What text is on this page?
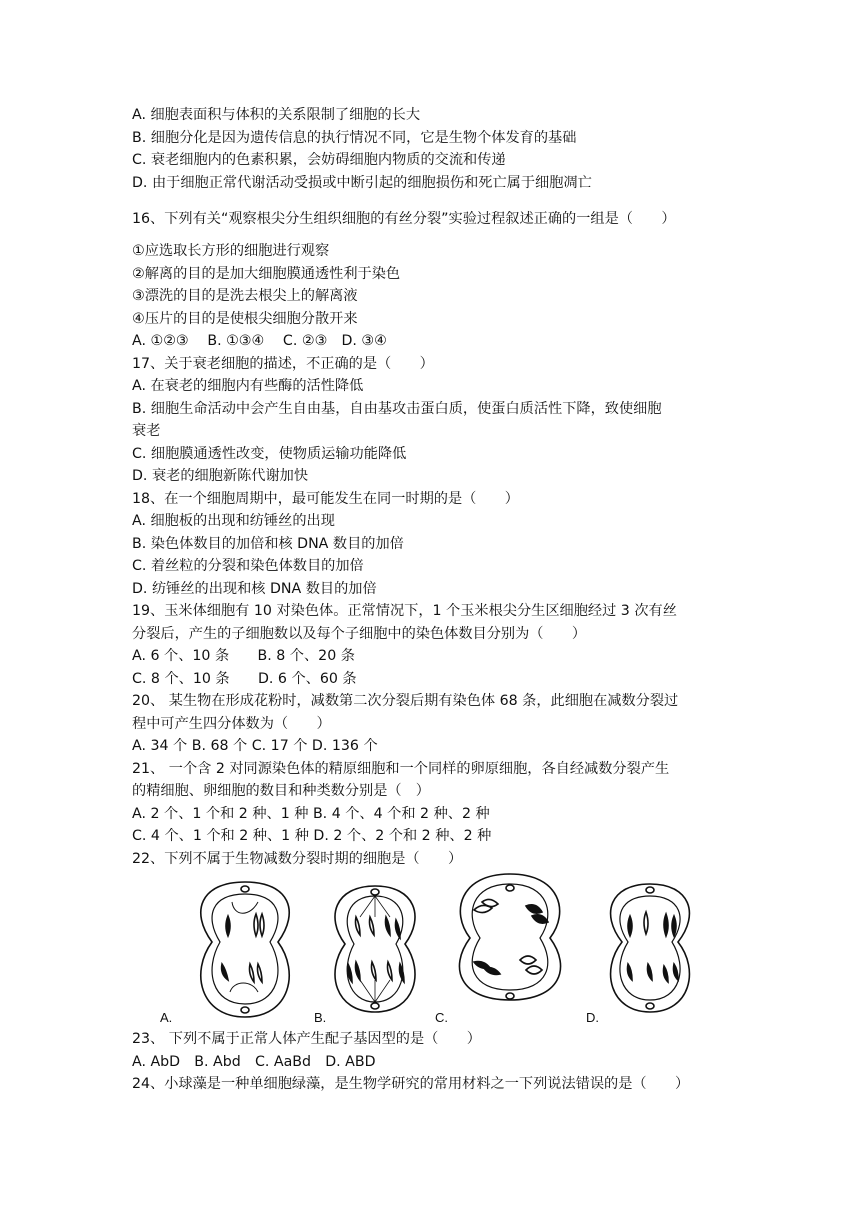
A. 细胞表面积与体积的关系限制了细胞的长大
B. 细胞分化是因为遗传信息的执行情况不同，它是生物个体发育的基础
C. 衰老细胞内的色素积累，会妨碍细胞内物质的交流和传递
D. 由于细胞正常代谢活动受损或中断引起的细胞损伤和死亡属于细胞凋亡
16、下列有关“观察根尖分生组织细胞的有丝分裂”实验过程叙述正确的一组是（　　）
①应选取长方形的细胞进行观察
②解离的目的是加大细胞膜通透性利于染色
③漂洗的目的是洗去根尖上的解离液
④压片的目的是使根尖细胞分散开来
A. ①②③　 B. ①③④　 C. ②③　D. ③④
17、关于衰老细胞的描述，不正确的是（　　）
A. 在衰老的细胞内有些酶的活性降低
B. 细胞生命活动中会产生自由基，自由基攻击蛋白质，使蛋白质活性下降，致使细胞
衰老
C. 细胞膜通透性改变，使物质运输功能降低
D. 衰老的细胞新陈代谢加快
18、在一个细胞周期中，最可能发生在同一时期的是（　　）
A. 细胞板的出现和纺锤丝的出现
B. 染色体数目的加倍和核 DNA 数目的加倍
C. 着丝粒的分裂和染色体数目的加倍
D. 纺锤丝的出现和核 DNA 数目的加倍
19、玉米体细胞有 10 对染色体。正常情况下，1 个玉米根尖分生区细胞经过 3 次有丝
分裂后，产生的子细胞数以及每个子细胞中的染色体数目分别为（　　）
A. 6 个、10 条　　B. 8 个、20 条
C. 8 个、10 条　　D. 6 个、60 条
20、 某生物在形成花粉时，减数第二次分裂后期有染色体 68 条，此细胞在减数分裂过
程中可产生四分体数为（　　）
A. 34 个 B. 68 个 C. 17 个 D. 136 个
21、 一个含 2 对同源染色体的精原细胞和一个同样的卵原细胞，各自经减数分裂产生
的精细胞、卵细胞的数目和种类数分别是（　）
A. 2 个、1 个和 2 种、1 种 B. 4 个、4 个和 2 种、2 种
C. 4 个、1 个和 2 种、1 种 D. 2 个、2 个和 2 种、2 种
22、下列不属于生物减数分裂时期的细胞是（　　）
A.	B.	C.	D.
23、 下列不属于正常人体产生配子基因型的是（　　）
A. AbD　B. Abd　C. AaBd　D. ABD
24、小球藻是一种单细胞绿藻，是生物学研究的常用材料之一下列说法错误的是（　　）
